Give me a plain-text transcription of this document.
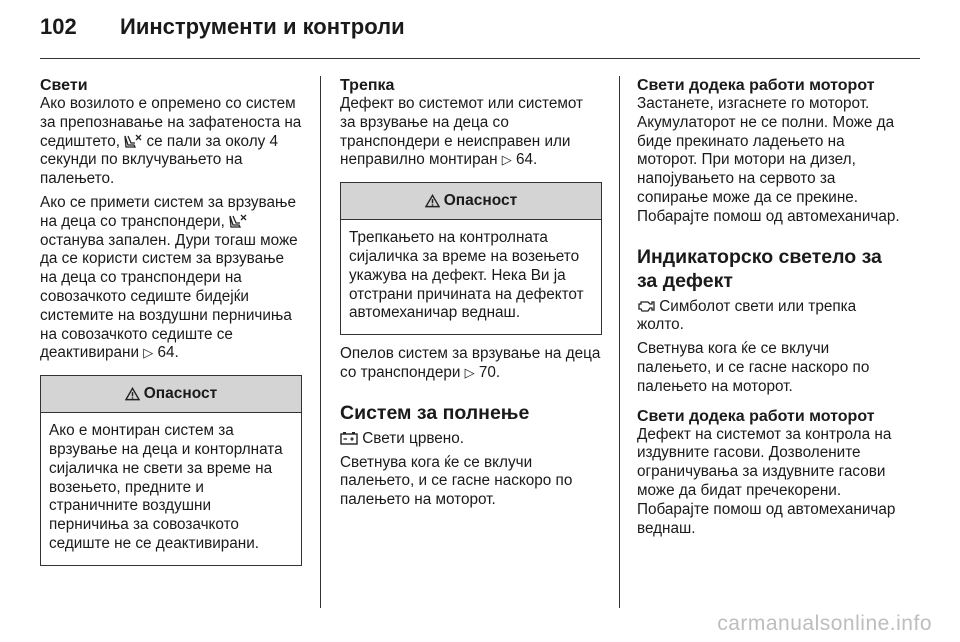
102 Иинструменти и контроли
Свети

Ако возилото е опремено со систем за препознавање на зафатеноста на седиштето, се пали за околу 4 секунди по вклучувањето на палењето.

Ако се примети систем за врзување на деца со транспондери,  останува запален. Дури тогаш може да се користи систем за врзување на деца со транспондери на совозачкото седиште бидејќи системите на воздушни перничиња на совозачкото седиште се деактивирани ▷ 64.

Опасност
Ако е монтиран систем за врзување на деца и конторлната сијаличка не свети за време на возењето, предните и страничните воздушни перничиња за совозачкото седиште не се деактивирани.
Трепка

Дефект во системот или системот за врзување на деца со транспондери е неисправен или неправилно монтиран ▷ 64.

Опасност
Трепкањето на контролната сијаличка за време на возењето укажува на дефект. Нека Ви ја отстрани причината на дефектот автомеханичар веднаш.

Опелов систем за врзување на деца со транспондери ▷ 70.

Систем за полнење

Свети црвено.

Светнува кога ќе се вклучи палењето, и се гасне наскоро по палењето на моторот.

Свети додека работи моторот

Застанете, изгаснете го моторот. Акумулаторот не се полни. Може да биде прекинато ладењето на моторот. При мотори на дизел, напојувањето на сервото за сопирање може да се прекине. Побарајте помош од автомеханичар.

Индикаторско светело за за дефект

Симболот свети или трепка жолто.

Светнува кога ќе се вклучи палењето, и се гасне наскоро по палењето на моторот.

Свети додека работи моторот

Дефект на системот за контрола на издувните гасови. Дозволените ограничувања за издувните гасови може да бидат пречекорени. Побарајте помош од автомеханичар веднаш.

carmanualsonline.info
